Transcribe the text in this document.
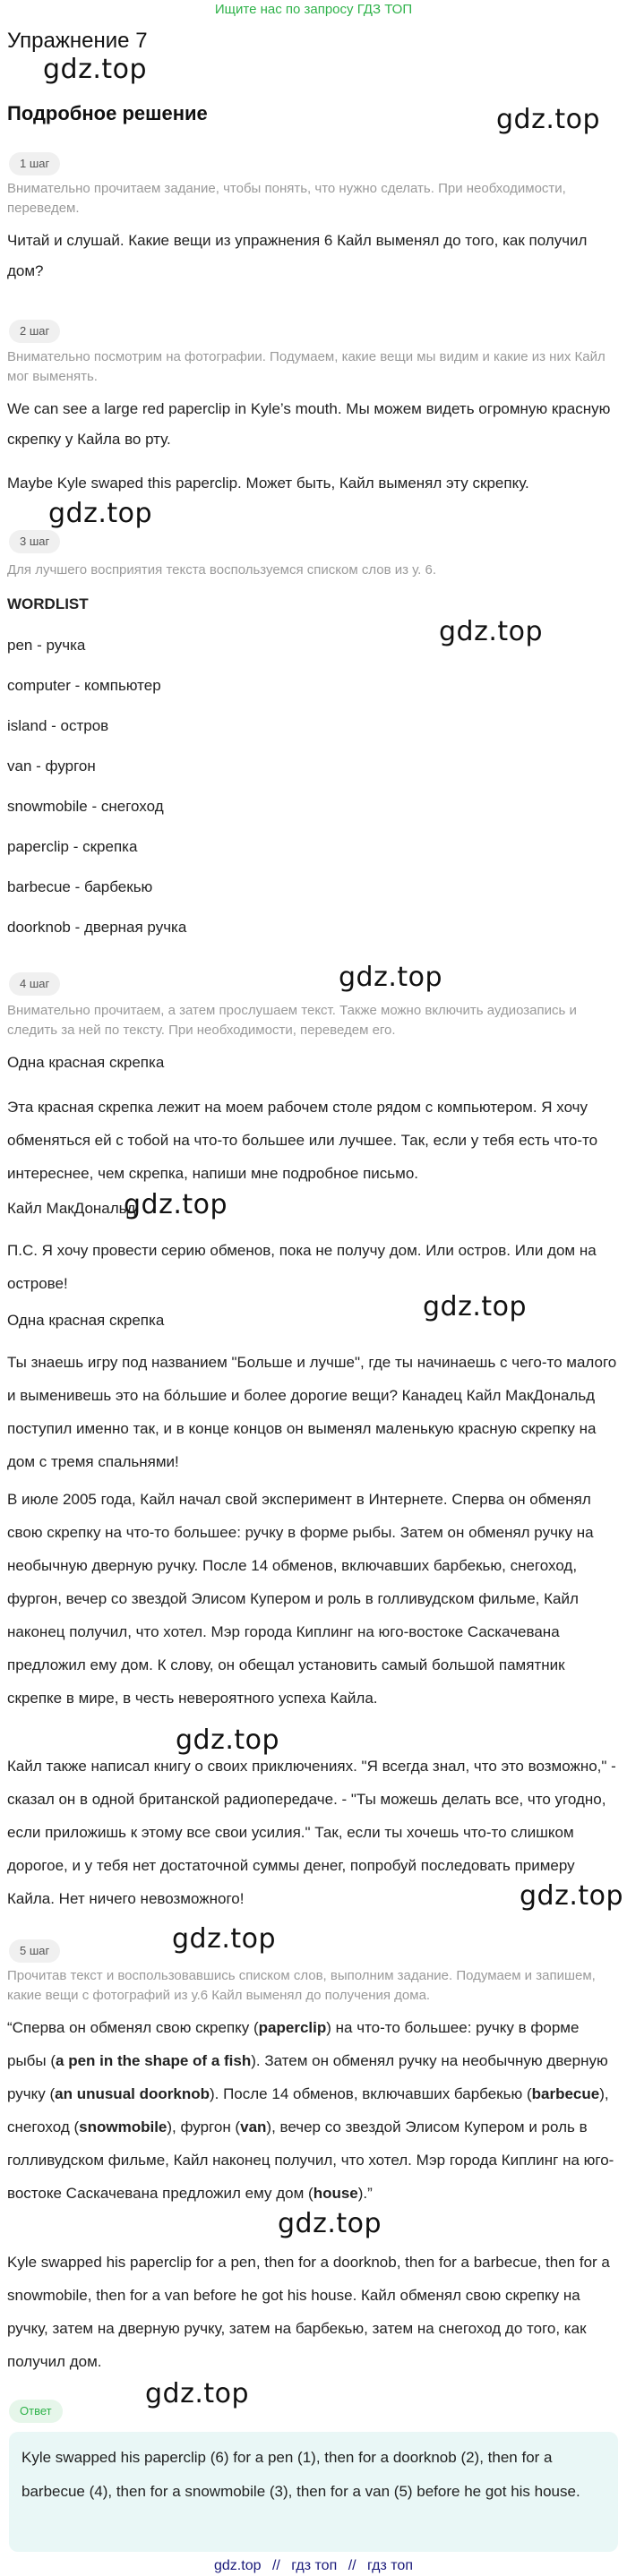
Ищите нас по запросу ГДЗ ТОП
Упражнение 7
Подробное решение
gdz.top
gdz.top
gdz.top
gdz.top
gdz.top
gdz.top
gdz.top
gdz.top
gdz.top
gdz.top
gdz.top
gdz.top
1 шаг
Внимательно прочитаем задание, чтобы понять, что нужно сделать. При необходимости, переведем.
Читай и слушай. Какие вещи из упражнения 6 Кайл выменял до того, как получил дом?
2 шаг
Внимательно посмотрим на фотографии. Подумаем, какие вещи мы видим и какие из них Кайл мог выменять.
We can see a large red paperclip in Kyle’s mouth. Мы можем видеть огромную красную скрепку у Кайла во рту.
Maybe Kyle swaped this paperclip. Может быть, Кайл выменял эту скрепку.
3 шаг
Для лучшего восприятия текста воспользуемся списком слов из у. 6.
WORDLIST
pen - ручка
computer - компьютер
island - остров
van - фургон
snowmobile - снегоход
paperclip - скрепка
barbecue - барбекью
doorknob - дверная ручка
4 шаг
Внимательно прочитаем, а затем прослушаем текст. Также можно включить аудиозапись и следить за ней по тексту. При необходимости, переведем его.
Одна красная скрепка
Эта красная скрепка лежит на моем рабочем столе рядом с компьютером. Я хочу обменяться ей с тобой на что-то большее или лучшее. Так, если у тебя есть что-то интереснее, чем скрепка, напиши мне подробное письмо.
Кайл МакДональд
П.С. Я хочу провести серию обменов, пока не получу дом. Или остров. Или дом на острове!
Одна красная скрепка
Ты знаешь игру под названием "Больше и лучше", где ты начинаешь с чего-то малого и выменивешь это на бо́льшие и более дорогие вещи? Канадец Кайл МакДональд поступил именно так, и в конце концов он выменял маленькую красную скрепку на дом с тремя спальнями!
В июле 2005 года, Кайл начал свой эксперимент в Интернете. Сперва он обменял свою скрепку на что-то большее: ручку в форме рыбы. Затем он обменял ручку на необычную дверную ручку. После 14 обменов, включавших барбекью, снегоход, фургон, вечер со звездой Элисом Купером и роль в голливудском фильме, Кайл наконец получил, что хотел. Мэр города Киплинг на юго-востоке Саскачевана предложил ему дом. К слову, он обещал установить самый большой памятник скрепке в мире, в честь невероятного успеха Кайла.
Кайл также написал книгу о своих приключениях. "Я всегда знал, что это возможно," - сказал он в одной британской радиопередаче. - "Ты можешь делать все, что угодно, если приложишь к этому все свои усилия." Так, если ты хочешь что-то слишком дорогое, и у тебя нет достаточной суммы денег, попробуй последовать примеру Кайла. Нет ничего невозможного!
5 шаг
Прочитав текст и воспользовавшись списком слов, выполним задание. Подумаем и запишем, какие вещи с фотографий из у.6 Кайл выменял до получения дома.
“Сперва он обменял свою скрепку (paperclip) на что-то большее: ручку в форме рыбы (a pen in the shape of a fish). Затем он обменял ручку на необычную дверную ручку (an unusual doorknob). После 14 обменов, включавших барбекью (barbecue), снегоход (snowmobile), фургон (van), вечер со звездой Элисом Купером и роль в голливудском фильме, Кайл наконец получил, что хотел. Мэр города Киплинг на юго-востоке Саскачевана предложил ему дом (house).”
Kyle swapped his paperclip for a pen, then for a doorknob, then for a barbecue, then for a snowmobile, then for a van before he got his house. Кайл обменял свою скрепку на ручку, затем на дверную ручку, затем на барбекью, затем на снегоход до того, как получил дом.
Ответ
Kyle swapped his paperclip (6) for a pen (1), then for a doorknob (2), then for a barbecue (4), then for a snowmobile (3), then for a van (5) before he got his house.
gdz.top // гдз топ // гдз топ
